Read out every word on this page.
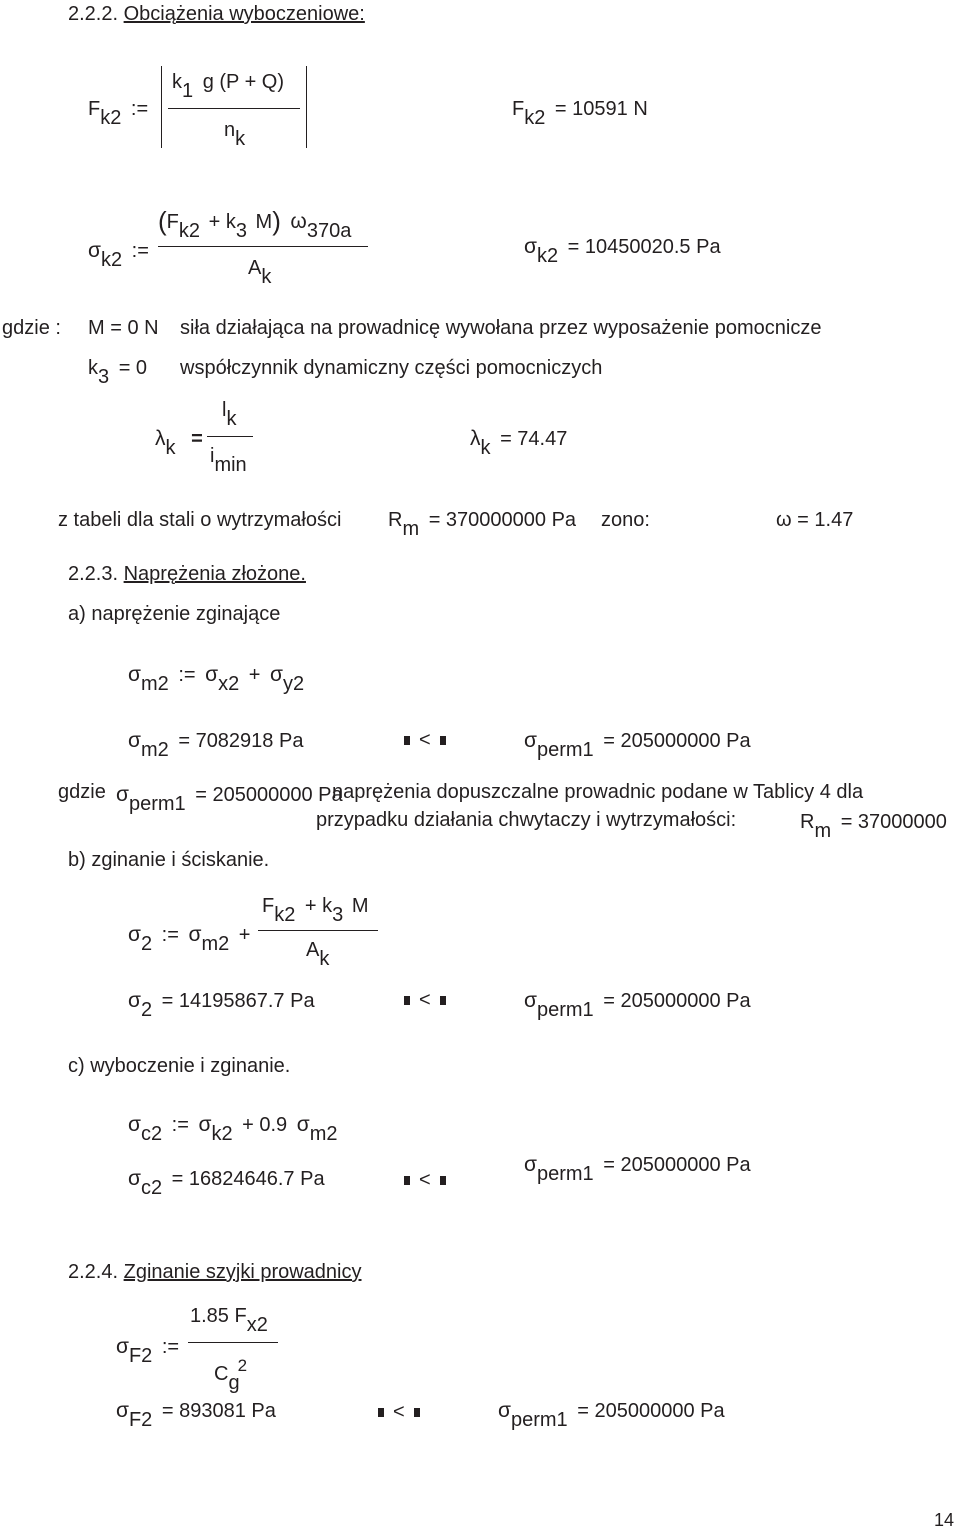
2.2.2. Obciążenia wyboczeniowe:
Fk2 :=
k1 g (P + Q)
nk
Fk2 = 10591 N
σk2 :=
(Fk2 + k3 M) ω370a
Ak
σk2 = 10450020.5 Pa
gdzie : M = 0 N siła działająca na prowadnicę wywołana przez wyposażenie pomocnicze
k3 = 0 współczynnik dynamiczny części pomocniczych
λk =
lk
imin
λk = 74.47
z tabeli dla stali o wytrzymałości Rm = 370000000 Pa zono:	ω = 1.47
2.2.3. Naprężenia złożone.
a) naprężenie zginające
σm2 := σx2 + σy2
σm2 = 7082918 Pa	<	σperm1 = 205000000 Pa
gdzie σperm1 = 205000000 Pa
naprężenia dopuszczalne prowadnic podane w Tablicy 4 dla
przypadku działania chwytaczy i wytrzymałości:	Rm = 37000000
b) zginanie i ściskanie.
σ2 := σm2 +
Fk2 + k3 M
Ak
σ2 = 14195867.7 Pa	<	σperm1 = 205000000 Pa
c) wyboczenie i zginanie.
σc2 := σk2 + 0.9 σm2
σc2 = 16824646.7 Pa	<
σperm1 = 205000000 Pa
2.2.4. Zginanie szyjki prowadnicy
σF2 :=
1.85 Fx2
Cg$^2$
σF2 = 893081 Pa	<	σperm1 = 205000000 Pa
14
